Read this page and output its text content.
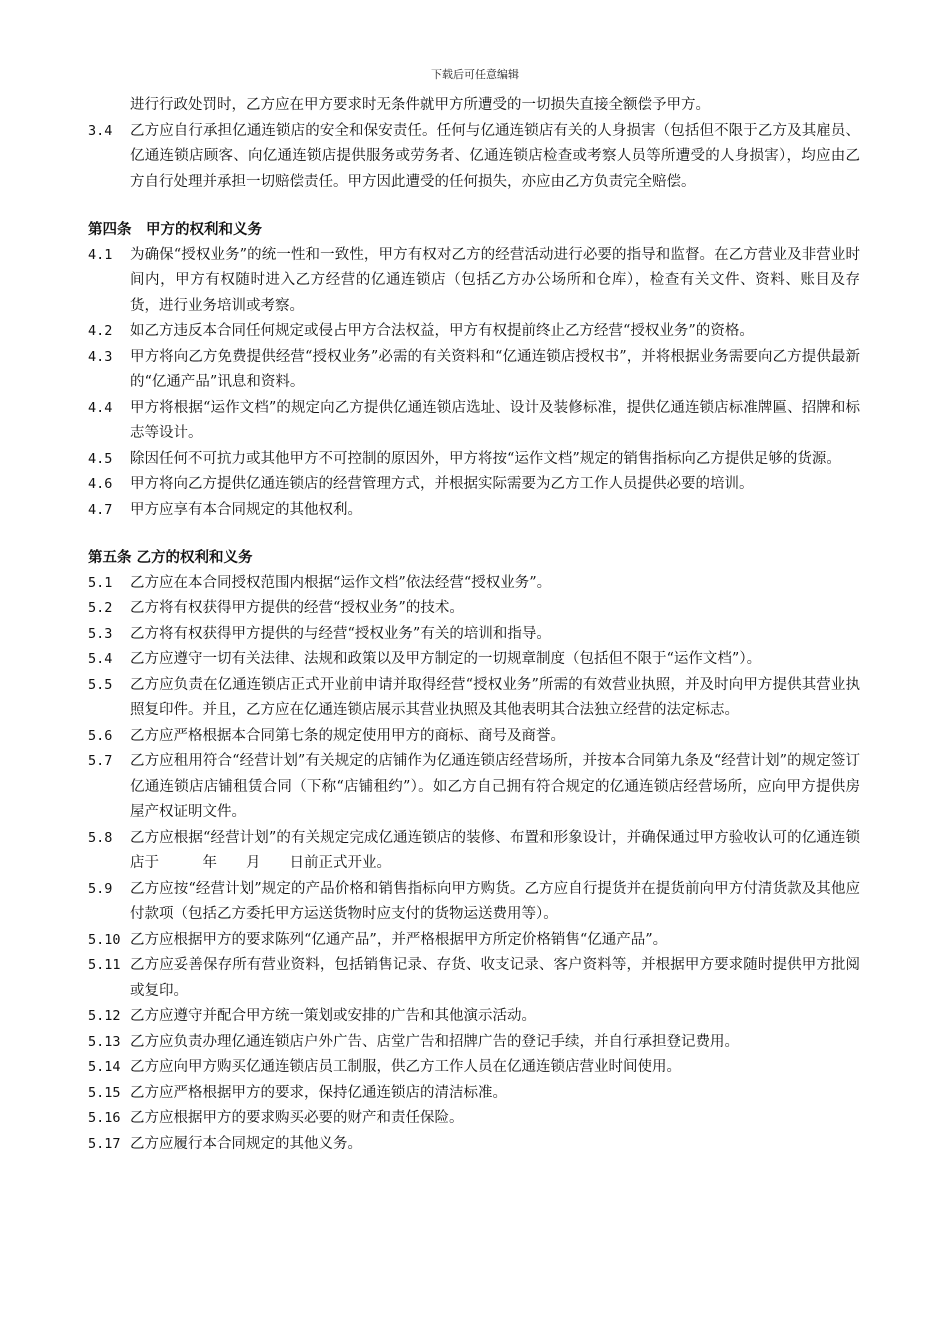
下载后可任意编辑
进行行政处罚时，乙方应在甲方要求时无条件就甲方所遭受的一切损失直接全额偿予甲方。
3.4	乙方应自行承担亿通连锁店的安全和保安责任。任何与亿通连锁店有关的人身损害（包括但不限于乙方及其雇员、亿通连锁店顾客、向亿通连锁店提供服务或劳务者、亿通连锁店检查或考察人员等所遭受的人身损害），均应由乙方自行处理并承担一切赔偿责任。甲方因此遭受的任何损失，亦应由乙方负责完全赔偿。
第四条　甲方的权利和义务
4.1	为确保“授权业务”的统一性和一致性，甲方有权对乙方的经营活动进行必要的指导和监督。在乙方营业及非营业时间内，甲方有权随时进入乙方经营的亿通连锁店（包括乙方办公场所和仓库），检查有关文件、资料、账目及存货，进行业务培训或考察。
4.2	如乙方违反本合同任何规定或侵占甲方合法权益，甲方有权提前终止乙方经营“授权业务”的资格。
4.3	甲方将向乙方免费提供经营“授权业务”必需的有关资料和“亿通连锁店授权书”，并将根据业务需要向乙方提供最新的“亿通产品”讯息和资料。
4.4	甲方将根据“运作文档”的规定向乙方提供亿通连锁店选址、设计及装修标准，提供亿通连锁店标准牌匾、招牌和标志等设计。
4.5	除因任何不可抗力或其他甲方不可控制的原因外，甲方将按“运作文档”规定的销售指标向乙方提供足够的货源。
4.6	甲方将向乙方提供亿通连锁店的经营管理方式，并根据实际需要为乙方工作人员提供必要的培训。
4.7	甲方应享有本合同规定的其他权利。
第五条 乙方的权利和义务
5.1	乙方应在本合同授权范围内根据“运作文档”依法经营“授权业务”。
5.2	乙方将有权获得甲方提供的经营“授权业务”的技术。
5.3	乙方将有权获得甲方提供的与经营“授权业务”有关的培训和指导。
5.4	乙方应遵守一切有关法律、法规和政策以及甲方制定的一切规章制度（包括但不限于“运作文档”）。
5.5	乙方应负责在亿通连锁店正式开业前申请并取得经营“授权业务”所需的有效营业执照，并及时向甲方提供其营业执照复印件。并且，乙方应在亿通连锁店展示其营业执照及其他表明其合法独立经营的法定标志。
5.6	乙方应严格根据本合同第七条的规定使用甲方的商标、商号及商誉。
5.7	乙方应租用符合“经营计划”有关规定的店铺作为亿通连锁店经营场所，并按本合同第九条及“经营计划”的规定签订亿通连锁店店铺租赁合同（下称“店铺租约”）。如乙方自己拥有符合规定的亿通连锁店经营场所，应向甲方提供房屋产权证明文件。
5.8	乙方应根据“经营计划”的有关规定完成亿通连锁店的装修、布置和形象设计，并确保通过甲方验收认可的亿通连锁店于　　　年　　月　　日前正式开业。
5.9	乙方应按“经营计划”规定的产品价格和销售指标向甲方购货。乙方应自行提货并在提货前向甲方付清货款及其他应付款项（包括乙方委托甲方运送货物时应支付的货物运送费用等）。
5.10 乙方应根据甲方的要求陈列“亿通产品”，并严格根据甲方所定价格销售“亿通产品”。
5.11 乙方应妥善保存所有营业资料，包括销售记录、存货、收支记录、客户资料等，并根据甲方要求随时提供甲方批阅或复印。
5.12 乙方应遵守并配合甲方统一策划或安排的广告和其他演示活动。
5.13 乙方应负责办理亿通连锁店户外广告、店堂广告和招牌广告的登记手续，并自行承担登记费用。
5.14 乙方应向甲方购买亿通连锁店员工制服，供乙方工作人员在亿通连锁店营业时间使用。
5.15 乙方应严格根据甲方的要求，保持亿通连锁店的清洁标准。
5.16 乙方应根据甲方的要求购买必要的财产和责任保险。
5.17 乙方应履行本合同规定的其他义务。
